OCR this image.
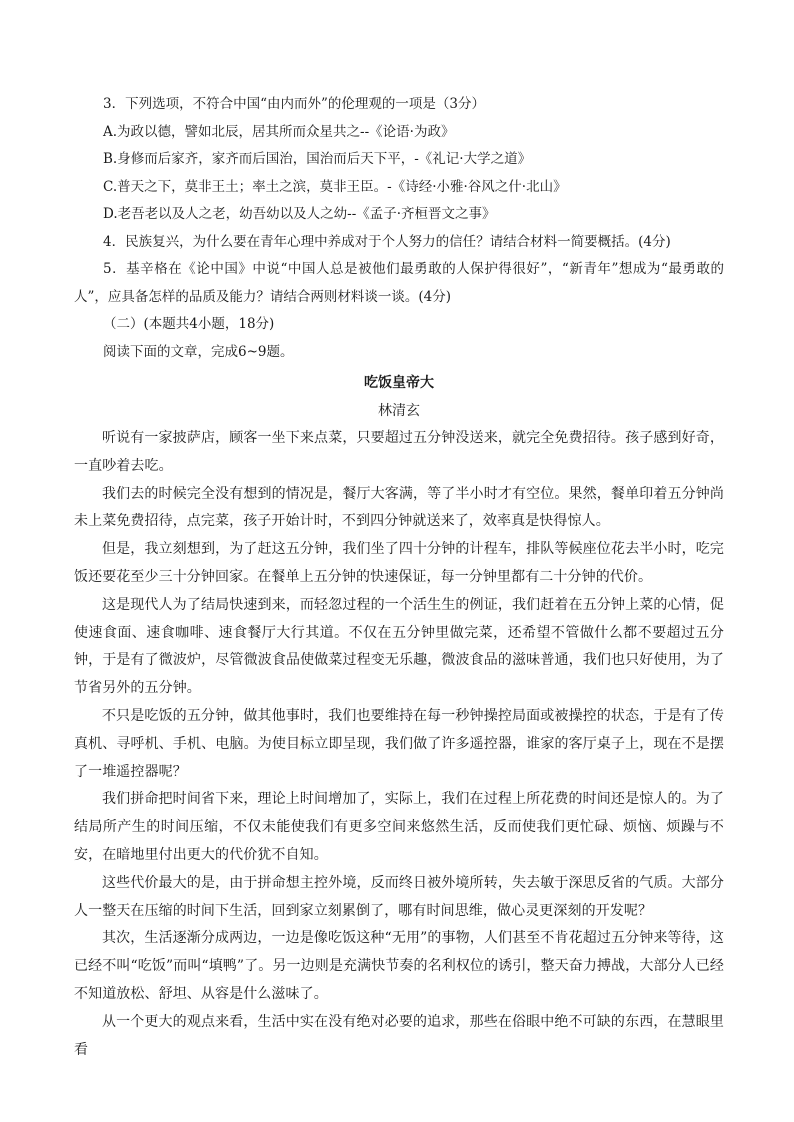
3．下列选项，不符合中国“由内而外”的伦理观的一项是（3分）

A.为政以德，譬如北辰，居其所而众星共之--《论语·为政》

B.身修而后家齐，家齐而后国治，国治而后天下平，-《礼记·大学之道》

C.普天之下，莫非王土；率土之滨，莫非王臣。-《诗经·小雅·谷风之什·北山》

D.老吾老以及人之老，幼吾幼以及人之幼--《孟子·齐桓晋文之事》

4．民族复兴，为什么要在青年心理中养成对于个人努力的信任？请结合材料一简要概括。(4分)

5．基辛格在《论中国》中说“中国人总是被他们最勇敢的人保护得很好”，“新青年”想成为“最勇敢的人”，应具备怎样的品质及能力？请结合两则材料谈一谈。(4分)

（二）(本题共4小题，18分)

阅读下面的文章，完成6~9题。

吃饭皇帝大

林清玄

听说有一家披萨店，顾客一坐下来点菜，只要超过五分钟没送来，就完全免费招待。孩子感到好奇，一直吵着去吃。

我们去的时候完全没有想到的情况是，餐厅大客满，等了半小时才有空位。果然，餐单印着五分钟尚未上菜免费招待，点完菜，孩子开始计时，不到四分钟就送来了，效率真是快得惊人。

但是，我立刻想到，为了赶这五分钟，我们坐了四十分钟的计程车，排队等候座位花去半小时，吃完饭还要花至少三十分钟回家。在餐单上五分钟的快速保证，每一分钟里都有二十分钟的代价。

这是现代人为了结局快速到来，而轻忽过程的一个活生生的例证，我们赶着在五分钟上菜的心情，促使速食面、速食咖啡、速食餐厅大行其道。不仅在五分钟里做完菜，还希望不管做什么都不要超过五分钟，于是有了微波炉，尽管微波食品使做菜过程变无乐趣，微波食品的滋味普通，我们也只好使用，为了节省另外的五分钟。

不只是吃饭的五分钟，做其他事时，我们也要维持在每一秒钟操控局面或被操控的状态，于是有了传真机、寻呼机、手机、电脑。为使目标立即呈现，我们做了许多遥控器，谁家的客厅桌子上，现在不是摆了一堆遥控器呢？

我们拼命把时间省下来，理论上时间增加了，实际上，我们在过程上所花费的时间还是惊人的。为了结局所产生的时间压缩，不仅未能使我们有更多空间来悠然生活，反而使我们更忙碌、烦恼、烦躁与不安，在暗地里付出更大的代价犹不自知。

这些代价最大的是，由于拼命想主控外境，反而终日被外境所转，失去敏于深思反省的气质。大部分人一整天在压缩的时间下生活，回到家立刻累倒了，哪有时间思维，做心灵更深刻的开发呢？

其次，生活逐渐分成两边，一边是像吃饭这种“无用”的事物，人们甚至不肯花超过五分钟来等待，这已经不叫“吃饭”而叫“填鸭”了。另一边则是充满快节奏的名利权位的诱引，整天奋力搏战，大部分人已经不知道放松、舒坦、从容是什么滋味了。

从一个更大的观点来看，生活中实在没有绝对必要的追求，那些在俗眼中绝不可缺的东西，在慧眼里看
